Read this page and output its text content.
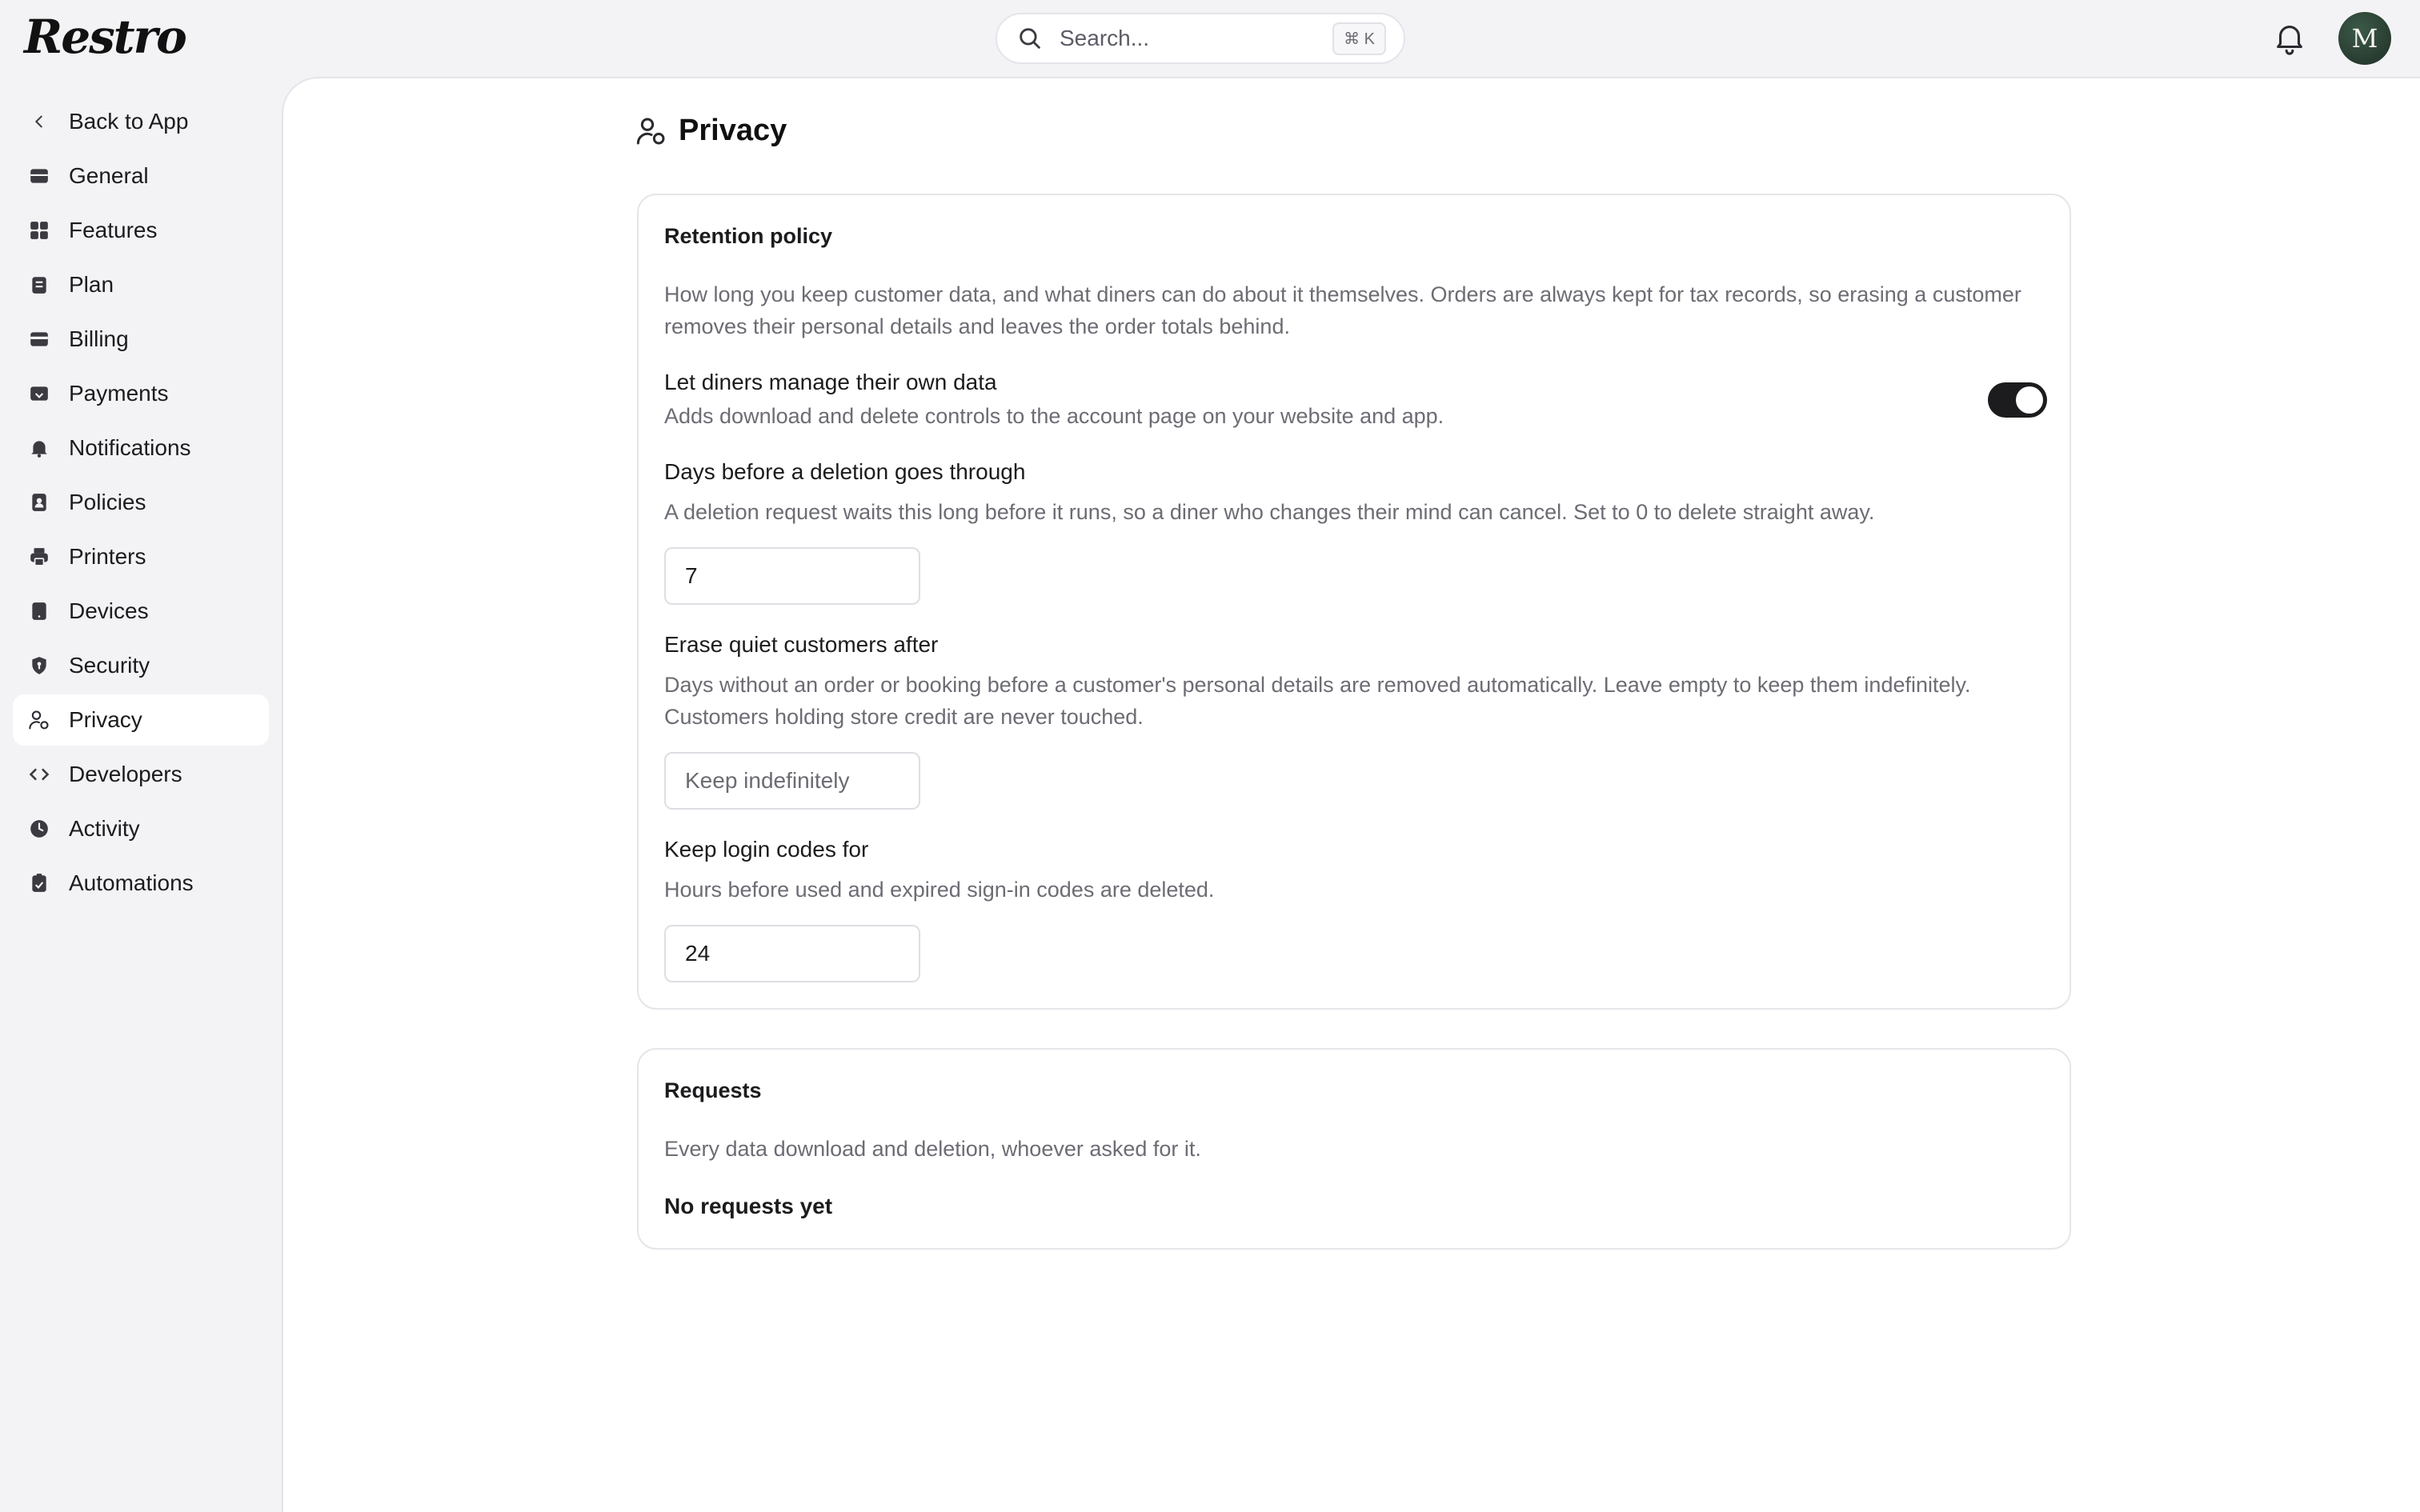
Restro	Search...	⌘ K	M
Back to App
General
Features
Plan
Billing
Payments
Notifications
Policies
Printers
Devices
Security
Privacy
Developers
Activity
Automations
Privacy
Retention policy
How long you keep customer data, and what diners can do about it themselves. Orders are always kept for tax records, so erasing a customer removes their personal details and leaves the order totals behind.
Let diners manage their own data
Adds download and delete controls to the account page on your website and app.
Days before a deletion goes through
A deletion request waits this long before it runs, so a diner who changes their mind can cancel. Set to 0 to delete straight away.
7
Erase quiet customers after
Days without an order or booking before a customer's personal details are removed automatically. Leave empty to keep them indefinitely. Customers holding store credit are never touched.
Keep indefinitely
Keep login codes for
Hours before used and expired sign-in codes are deleted.
24
Requests
Every data download and deletion, whoever asked for it.
No requests yet
